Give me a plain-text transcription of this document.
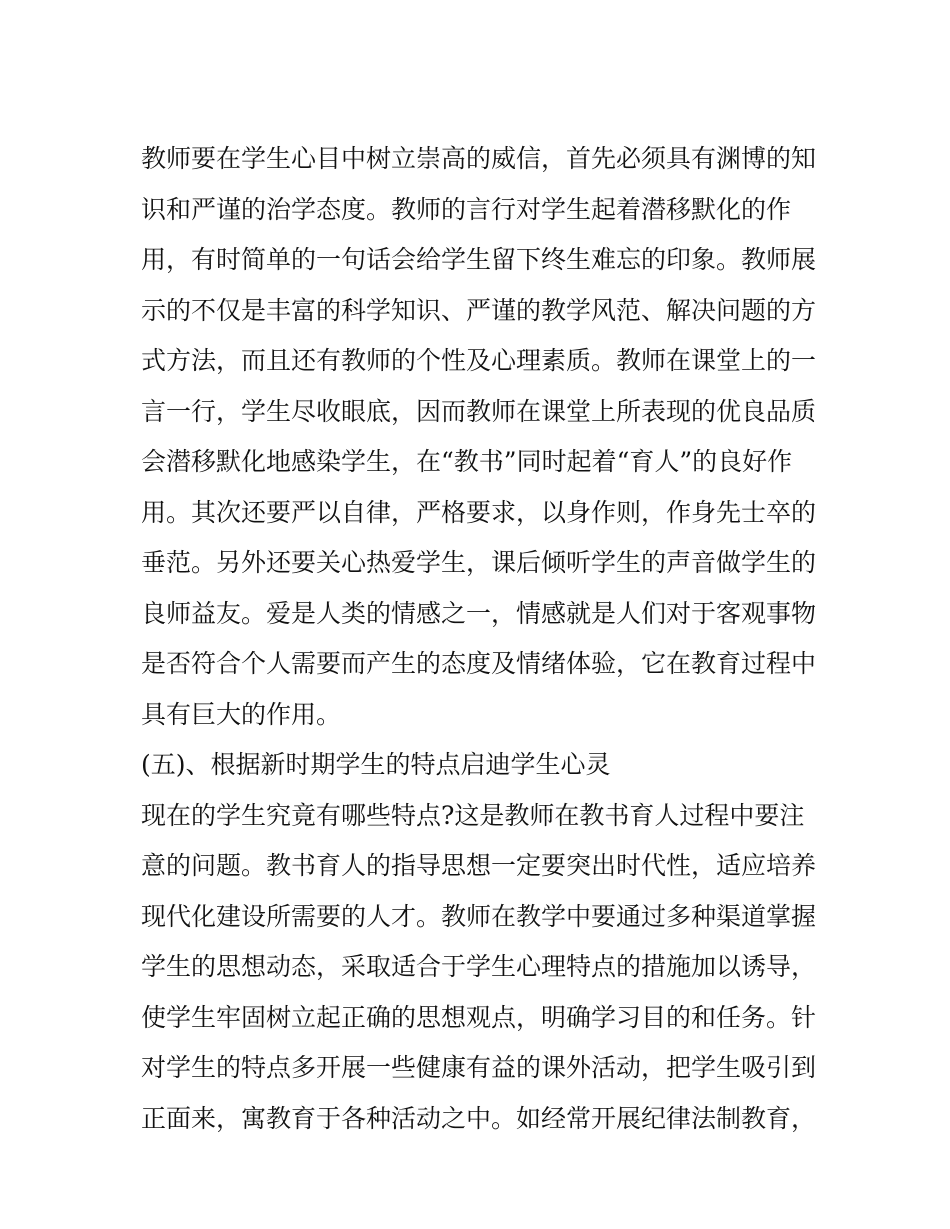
教师要在学生心目中树立崇高的威信，首先必须具有渊博的知
识和严谨的治学态度。教师的言行对学生起着潜移默化的作
用，有时简单的一句话会给学生留下终生难忘的印象。教师展
示的不仅是丰富的科学知识、严谨的教学风范、解决问题的方
式方法，而且还有教师的个性及心理素质。教师在课堂上的一
言一行，学生尽收眼底，因而教师在课堂上所表现的优良品质
会潜移默化地感染学生，在“教书”同时起着“育人”的良好作
用。其次还要严以自律，严格要求，以身作则，作身先士卒的
垂范。另外还要关心热爱学生，课后倾听学生的声音做学生的
良师益友。爱是人类的情感之一，情感就是人们对于客观事物
是否符合个人需要而产生的态度及情绪体验，它在教育过程中
具有巨大的作用。
(五)、根据新时期学生的特点启迪学生心灵
现在的学生究竟有哪些特点?这是教师在教书育人过程中要注
意的问题。教书育人的指导思想一定要突出时代性，适应培养
现代化建设所需要的人才。教师在教学中要通过多种渠道掌握
学生的思想动态，采取适合于学生心理特点的措施加以诱导，
使学生牢固树立起正确的思想观点，明确学习目的和任务。针
对学生的特点多开展一些健康有益的课外活动，把学生吸引到
正面来，寓教育于各种活动之中。如经常开展纪律法制教育，
